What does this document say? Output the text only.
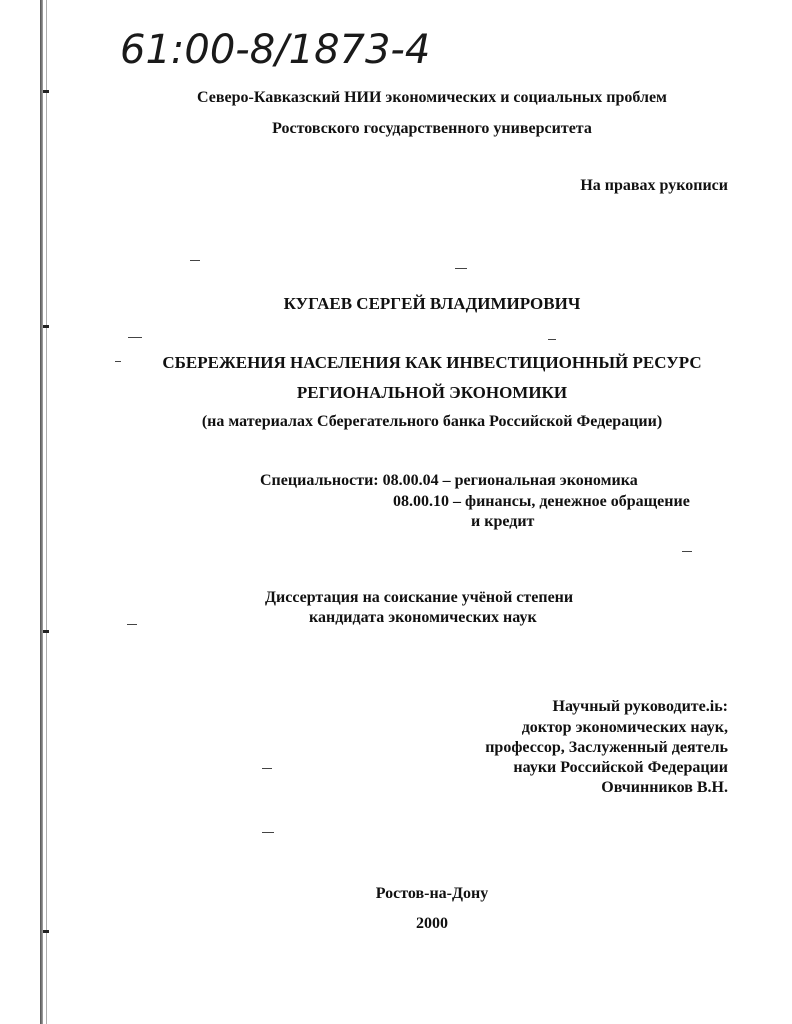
61:00-8/1873-4
Северо-Кавказский НИИ экономических и социальных проблем
Ростовского государственного университета
На правах рукописи
КУГАЕВ СЕРГЕЙ ВЛАДИМИРОВИЧ
СБЕРЕЖЕНИЯ НАСЕЛЕНИЯ КАК ИНВЕСТИЦИОННЫЙ РЕСУРС
РЕГИОНАЛЬНОЙ ЭКОНОМИКИ
(на материалах Сберегательного банка Российской Федерации)
Специальности: 08.00.04 – региональная экономика
08.00.10 – финансы, денежное обращение
и кредит
Диссертация на соискание учёной степени
кандидата экономических наук
Научный руководите.іь:
доктор экономических наук,
профессор, Заслуженный деятель
науки Российской Федерации
Овчинников В.Н.
Ростов-на-Дону
2000
